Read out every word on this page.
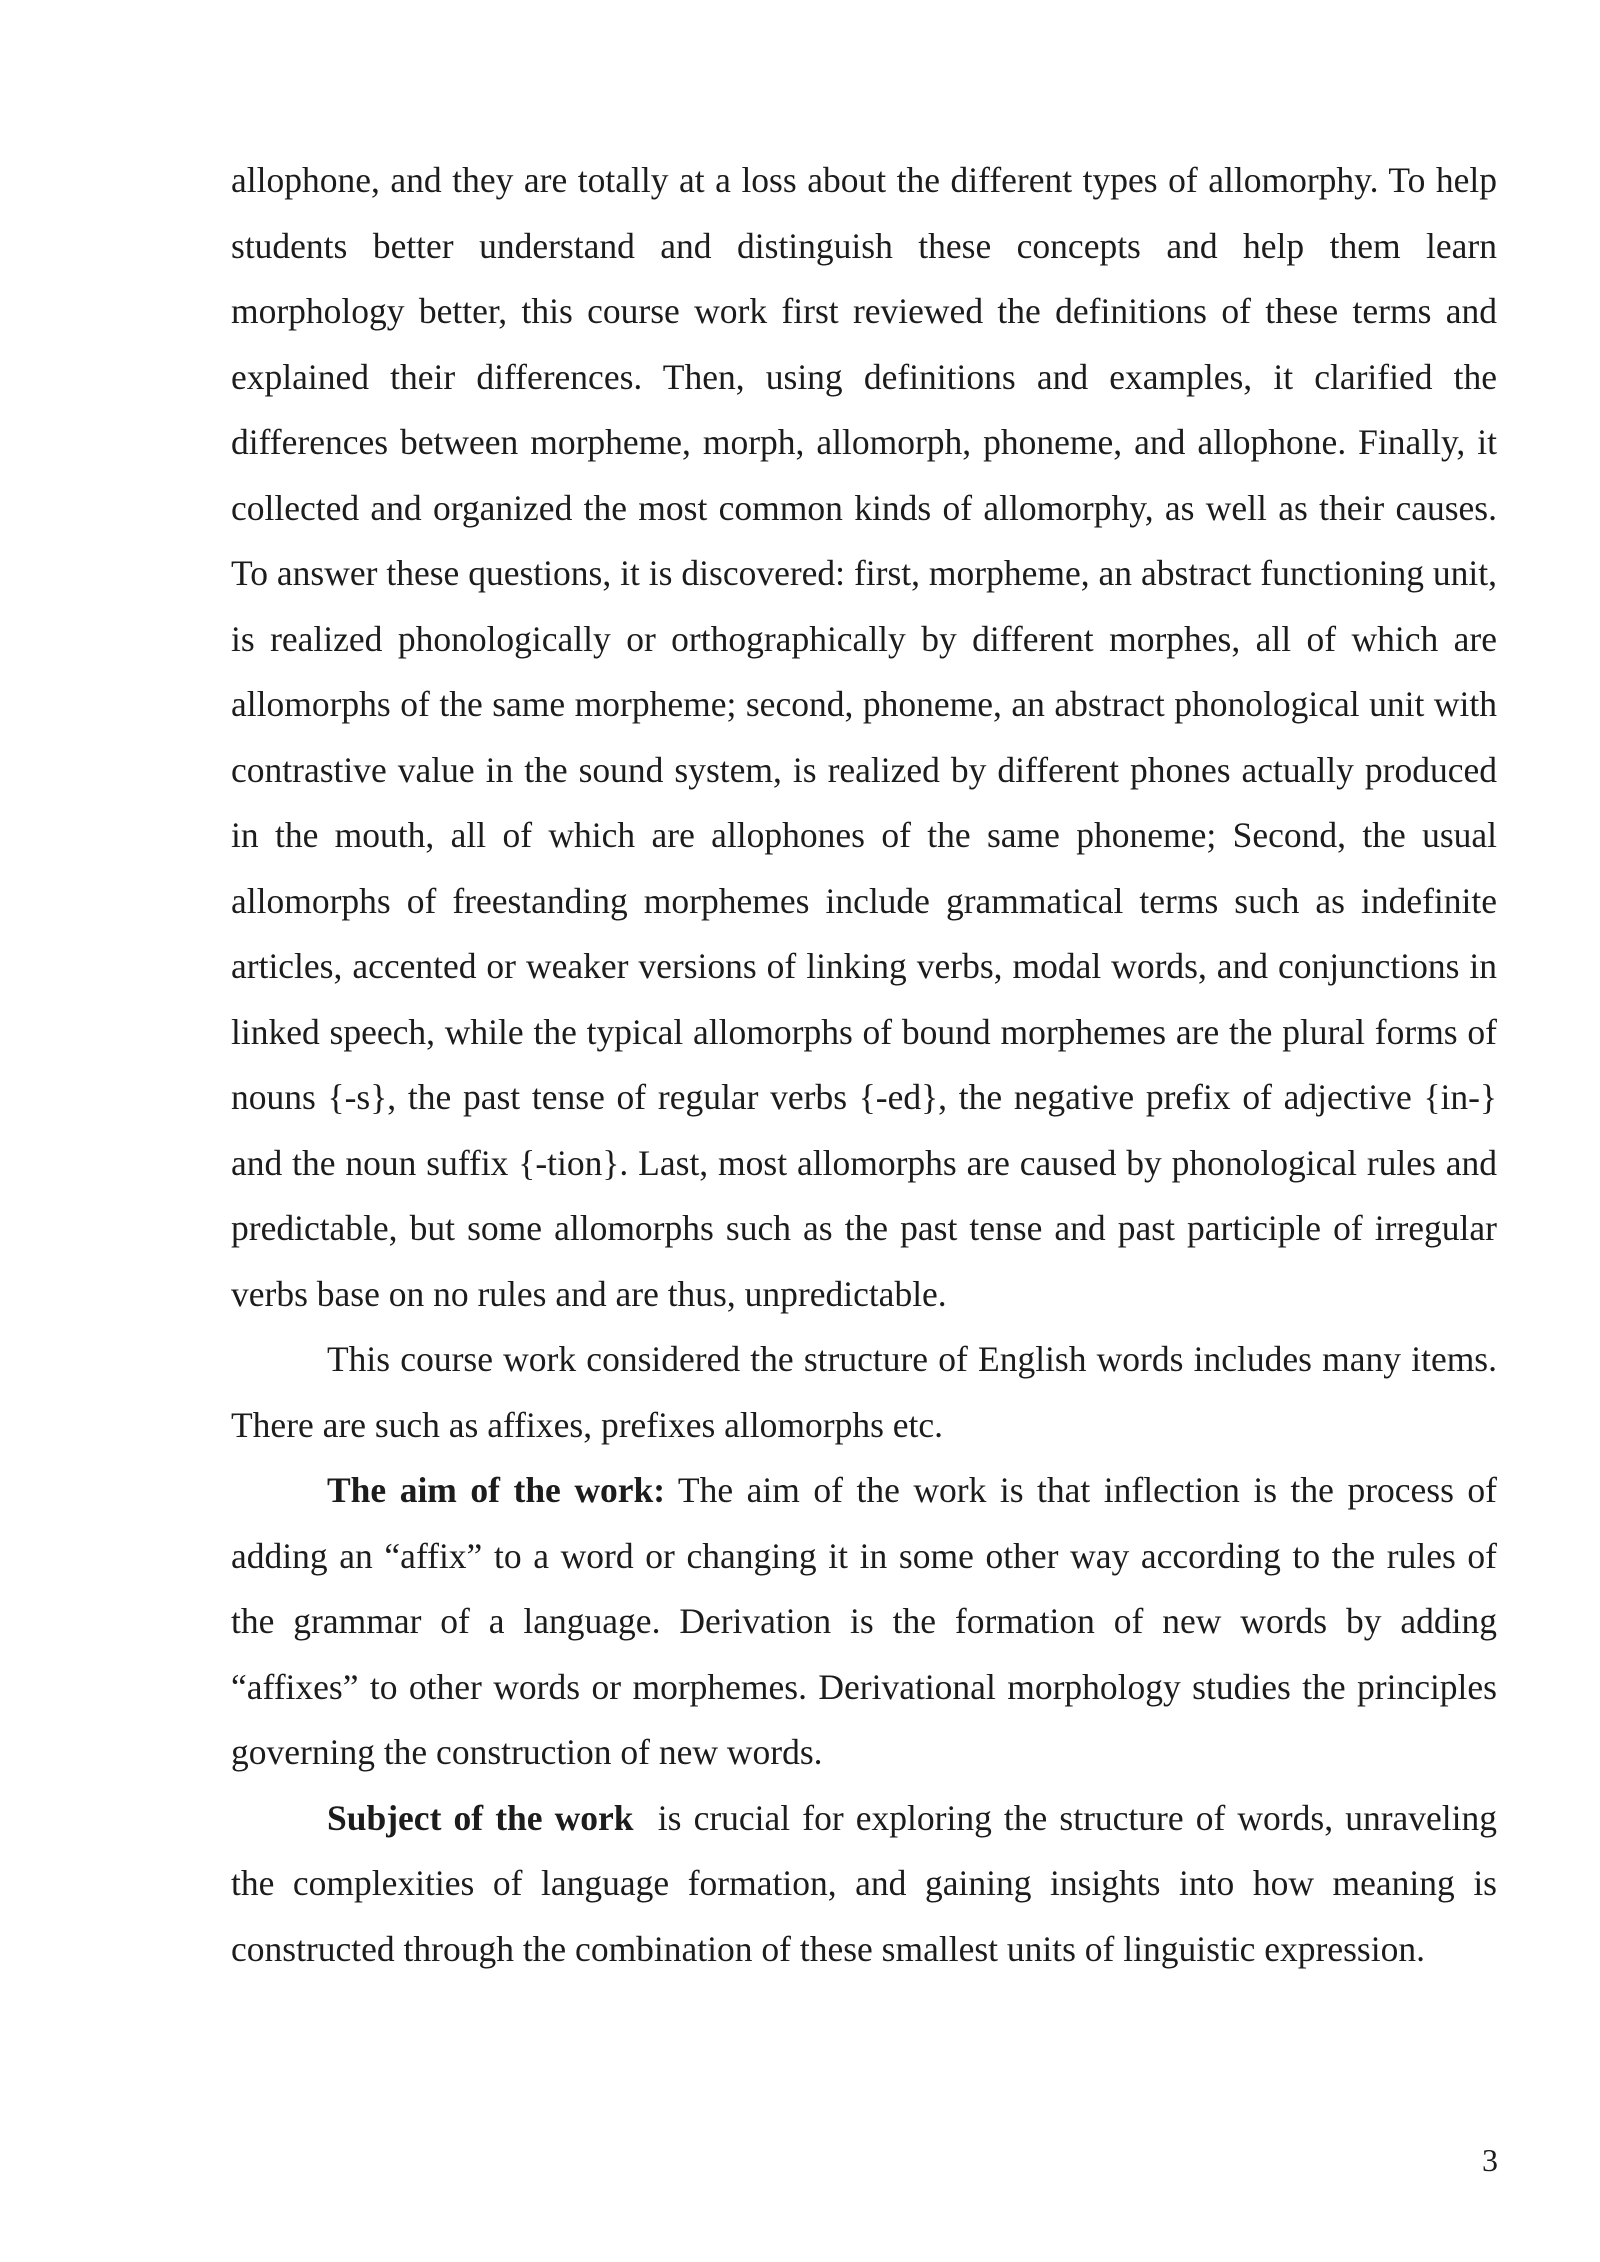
allophone, and they are totally at a loss about the different types of allomorphy. To help students better understand and distinguish these concepts and help them learn morphology better, this course work first reviewed the definitions of these terms and explained their differences. Then, using definitions and examples, it clarified the differences between morpheme, morph, allomorph, phoneme, and allophone. Finally, it collected and organized the most common kinds of allomorphy, as well as their causes. To answer these questions, it is discovered: first, morpheme, an abstract functioning unit, is realized phonologically or orthographically by different morphes, all of which are allomorphs of the same morpheme; second, phoneme, an abstract phonological unit with contrastive value in the sound system, is realized by different phones actually produced in the mouth, all of which are allophones of the same phoneme; Second, the usual allomorphs of freestanding morphemes include grammatical terms such as indefinite articles, accented or weaker versions of linking verbs, modal words, and conjunctions in linked speech, while the typical allomorphs of bound morphemes are the plural forms of nouns {-s}, the past tense of regular verbs {-ed}, the negative prefix of adjective {in-} and the noun suffix {-tion}. Last, most allomorphs are caused by phonological rules and predictable, but some allomorphs such as the past tense and past participle of irregular verbs base on no rules and are thus, unpredictable.

This course work considered the structure of English words includes many items. There are such as affixes, prefixes allomorphs etc.

The aim of the work: The aim of the work is that inflection is the process of adding an “affix” to a word or changing it in some other way according to the rules of the grammar of a language. Derivation is the formation of new words by adding “affixes” to other words or morphemes. Derivational morphology studies the principles governing the construction of new words.

Subject of the work  is crucial for exploring the structure of words, unraveling the complexities of language formation, and gaining insights into how meaning is constructed through the combination of these smallest units of linguistic expression.

3
